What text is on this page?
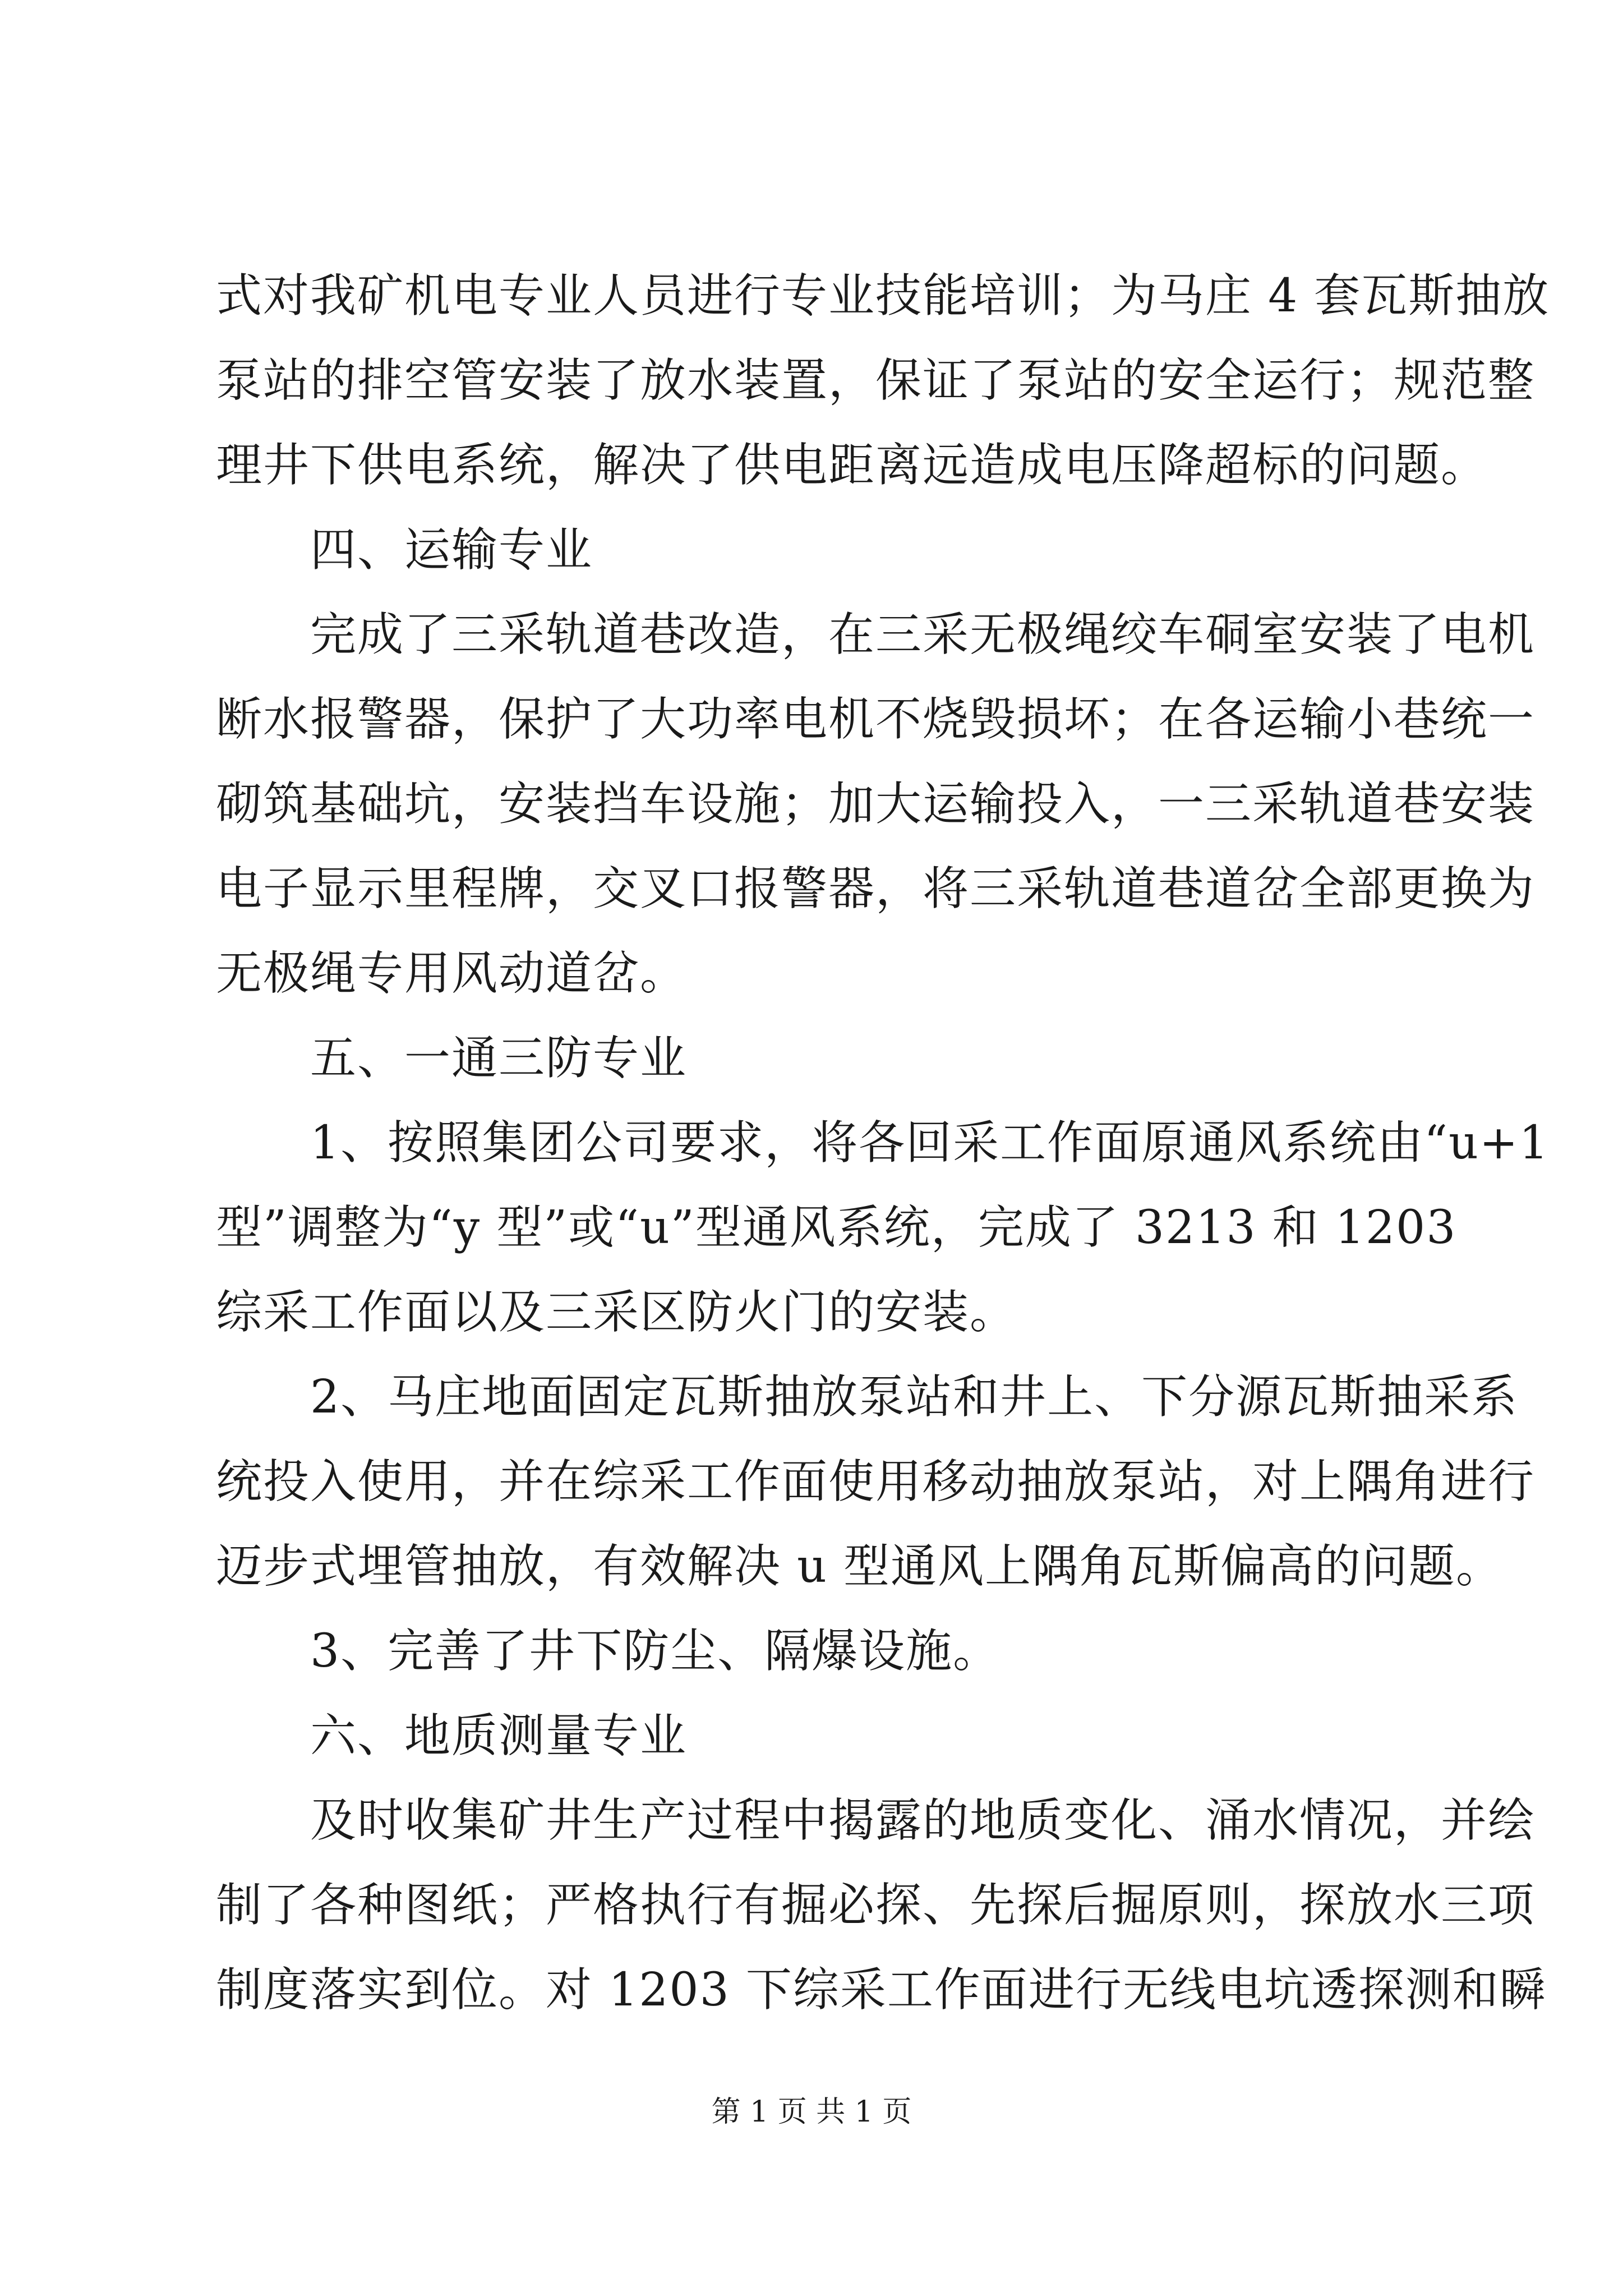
式对我矿机电专业人员进行专业技能培训；为马庄 4 套瓦斯抽放
泵站的排空管安装了放水装置，保证了泵站的安全运行；规范整
理井下供电系统，解决了供电距离远造成电压降超标的问题。
　　四、运输专业
　　完成了三采轨道巷改造，在三采无极绳绞车硐室安装了电机
断水报警器，保护了大功率电机不烧毁损坏；在各运输小巷统一
砌筑基础坑，安装挡车设施；加大运输投入，一三采轨道巷安装
电子显示里程牌，交叉口报警器，将三采轨道巷道岔全部更换为
无极绳专用风动道岔。
　　五、一通三防专业
　　1、按照集团公司要求，将各回采工作面原通风系统由“u+1
型”调整为“y 型”或“u”型通风系统，完成了 3213 和 1203
综采工作面以及三采区防火门的安装。
　　2、马庄地面固定瓦斯抽放泵站和井上、下分源瓦斯抽采系
统投入使用，并在综采工作面使用移动抽放泵站，对上隅角进行
迈步式埋管抽放，有效解决 u 型通风上隅角瓦斯偏高的问题。
　　3、完善了井下防尘、隔爆设施。
　　六、地质测量专业
　　及时收集矿井生产过程中揭露的地质变化、涌水情况，并绘
制了各种图纸；严格执行有掘必探、先探后掘原则，探放水三项
制度落实到位。对 1203 下综采工作面进行无线电坑透探测和瞬
第 1 页 共 1 页
